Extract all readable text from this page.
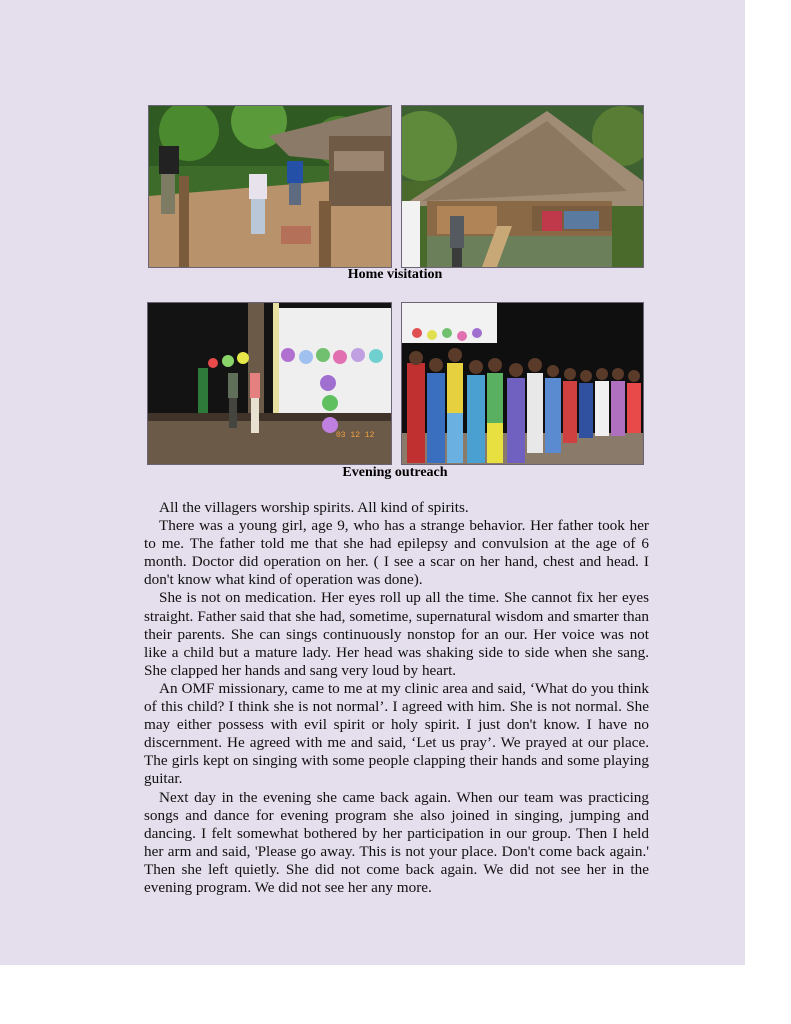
Home visitation
03 12 12
Evening outreach

All the villagers worship spirits. All kind of spirits.

There was a young girl, age 9, who has a strange behavior. Her father took her to me. The father told me that she had epilepsy and convulsion at the age of 6 month. Doctor did operation on her. ( I see a scar on her hand, chest and head. I don't know what kind of operation was done).

She is not on medication. Her eyes roll up all the time. She cannot fix her eyes straight. Father said that she had, sometime, supernatural wisdom and smarter than their parents. She can sings continuously nonstop for an our. Her voice was not like a child but a mature lady. Her head was shaking side to side when she sang. She clapped her hands and sang very loud by heart.

An OMF missionary, came to me at my clinic area and said, ‘What do you think of this child? I think she is not normal’. I agreed with him. She is not normal. She may either possess with evil spirit or holy spirit. I just don't know. I have no discernment. He agreed with me and said, ‘Let us pray’. We prayed at our place. The girls kept on singing with some people clapping their hands and some playing guitar.

Next day in the evening she came back again. When our team was practicing songs and dance for evening program she also joined in singing, jumping and dancing. I felt somewhat bothered by her participation in our group. Then I held her arm and said, 'Please go away. This is not your place. Don't come back again.' Then she left quietly. She did not come back again. We did not see her in the evening program. We did not see her any more.
